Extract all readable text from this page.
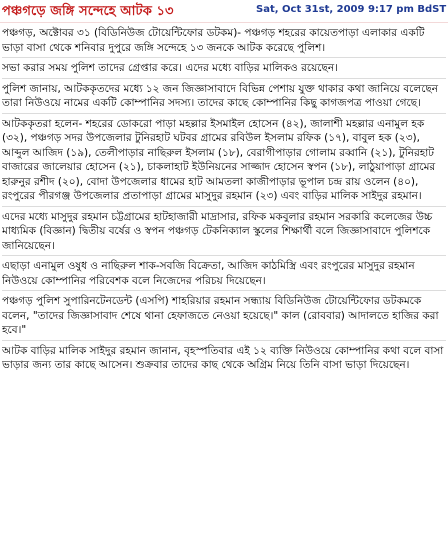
পঞ্চগড়ে জঙ্গি সন্দেহে আটক ১৩	Sat, Oct 31st, 2009 9:17 pm BdST

পঞ্চগড়, অক্টোবর ৩১ (বিডিনিউজ টোয়েন্টিফোর ডটকম)- পঞ্চগড় শহরের কায়েতপাড়া এলাকার একটি ভাড়া বাসা থেকে শনিবার দুপুরে জঙ্গি সন্দেহে ১৩ জনকে আটক করেছে পুলিশ।

সভা করার সময় পুলিশ তাদের গ্রেপ্তার করে। এদের মধ্যে বাড়ির মালিকও রয়েছেন।

পুলিশ জানায়, আটককৃতদের মধ্যে ১২ জন জিজ্ঞাসাবাদে বিভিন্ন পেশায় যুক্ত থাকার কথা জানিয়ে বলেছেন তারা নিউওয়ে নামের একটি কোম্পানির সদস্য। তাদের কাছে কোম্পানির কিছু কাগজপত্র পাওয়া গেছে।

আটককৃতরা হলেন- শহরের ডোকরো পাড়া মহল্লার ইসমাইল হোসেন (৪২), জালাশী মহল্লার এনামুল হক (৩২), পঞ্চগড় সদর উপজেলার টুনিরহাট ঘটবর গ্রামের রবিউল ইসলাম রফিক (১৭), বাবুল হক (২৩), আব্দুল আজিদ (১৯), তেলীপাড়ার নাছিরুল ইসলাম (১৮), বেরাগীপাড়ার গোলাম রব্বানি (২১), টুনিরহাট বাজারের জালেয়ার হোসেন (২১), চাকলাহাট ইউনিয়নের সাজ্জাদ হোসেন স্বপন (১৮), লাঠুয়াপাড়া গ্রামের হারুনুর রশীদ (২০), বোদা উপজেলার ধামের হাট আমতলা কাজীপাড়ার ভূপাল চন্দ্র রায় ওলেন (৪০), রংপুরের পীরগঞ্জ উপজেলার প্রতাপাড়া গ্রামের মাসুদুর রহমান (২৩) এবং বাড়ির মালিক সাইদুর রহমান।

এদের মধ্যে মাসুদুর রহমান চট্টগ্রামের হাটহাজারী মাদ্রাসার, রফিক মকবুলার রহমান সরকারি কলেজের উচ্চ মাধ্যমিক (বিজ্ঞান) দ্বিতীয় বর্ষের ও স্বপন পঞ্চগড় টেকনিক্যাল স্কুলের শিক্ষার্থী বলে জিজ্ঞাসাবাদে পুলিশকে জানিয়েছেন।

এছাড়া এনামুল ওষুধ ও নাছিরুল শাক-সবজি বিক্রেতা, আজিদ কাঠমিস্ত্রি এবং রংপুরের মাসুদুর রহমান নিউওয়ে কোম্পানির পরিবেশক বলে নিজেদের পরিচয় দিয়েছেন।

পঞ্চগড় পুলিশ সুপারিনটেনডেন্ট (এসপি) শাহরিয়ার রহমান সন্ধ্যায় বিডিনিউজ টোয়েন্টিফোর ডটকমকে বলেন, "তাদের জিজ্ঞাসাবাদ শেষে থানা হেফাজতে নেওয়া হয়েছে।" কাল (রোববার) আদালতে হাজির করা হবে।"

আটক বাড়ির মালিক সাইদুর রহমান জানান, বৃহস্পতিবার এই ১২ ব্যক্তি নিউওয়ে কোম্পানির কথা বলে বাসা ভাড়ার জন্য তার কাছে আসেন। শুক্রবার তাদের কাছ থেকে অগ্রিম নিয়ে তিনি বাসা ভাড়া দিয়েছেন।
